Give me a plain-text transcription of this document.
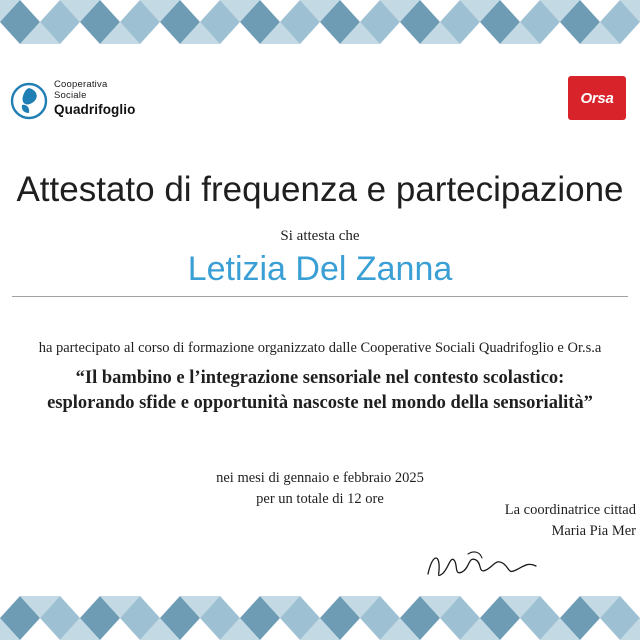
Cooperativa
Sociale
Quadrifoglio
Orsa
Attestato di frequenza e partecipazione
Si attesta che
Letizia Del Zanna
ha partecipato al corso di formazione organizzato dalle Cooperative Sociali Quadrifoglio e Or.s.a
“Il bambino e l’integrazione sensoriale nel contesto scolastico: esplorando sfide e opportunità nascoste nel mondo della sensorialità”
nei mesi di gennaio e febbraio 2025
per un totale di 12 ore
La coordinatrice cittad
Maria Pia Mer
